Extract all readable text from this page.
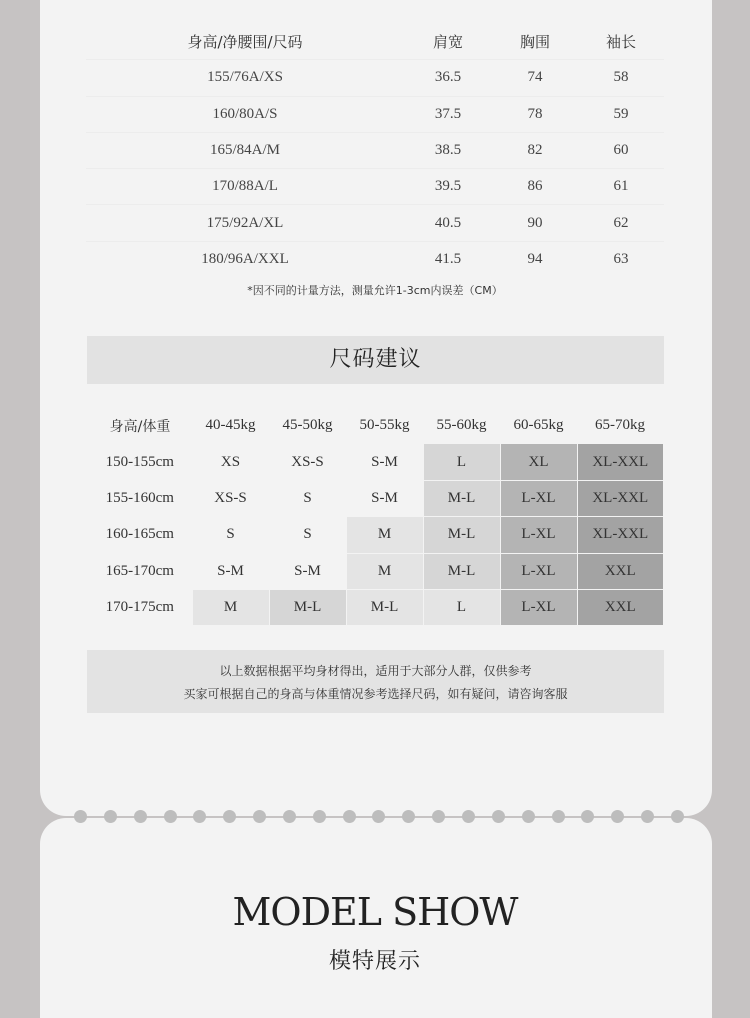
身高/净腰围/尺码	肩宽	胸围	袖长
155/76A/XS	36.5	74	58
160/80A/S	37.5	78	59
165/84A/M	38.5	82	60
170/88A/L	39.5	86	61
175/92A/XL	40.5	90	62
180/96A/XXL	41.5	94	63
*因不同的计量方法，测量允许1-3cm内误差（CM）
尺码建议
身高/体重	40-45kg	45-50kg	50-55kg	55-60kg	60-65kg	65-70kg
150-155cm	XS	XS-S	S-M	L	XL	XL-XXL
155-160cm	XS-S	S	S-M	M-L	L-XL	XL-XXL
160-165cm	S	S	M	M-L	L-XL	XL-XXL
165-170cm	S-M	S-M	M	M-L	L-XL	XXL
170-175cm	M	M-L	M-L	L	L-XL	XXL
以上数据根据平均身材得出，适用于大部分人群，仅供参考
买家可根据自己的身高与体重情况参考选择尺码，如有疑问，请咨询客服
MODEL SHOW
模特展示
